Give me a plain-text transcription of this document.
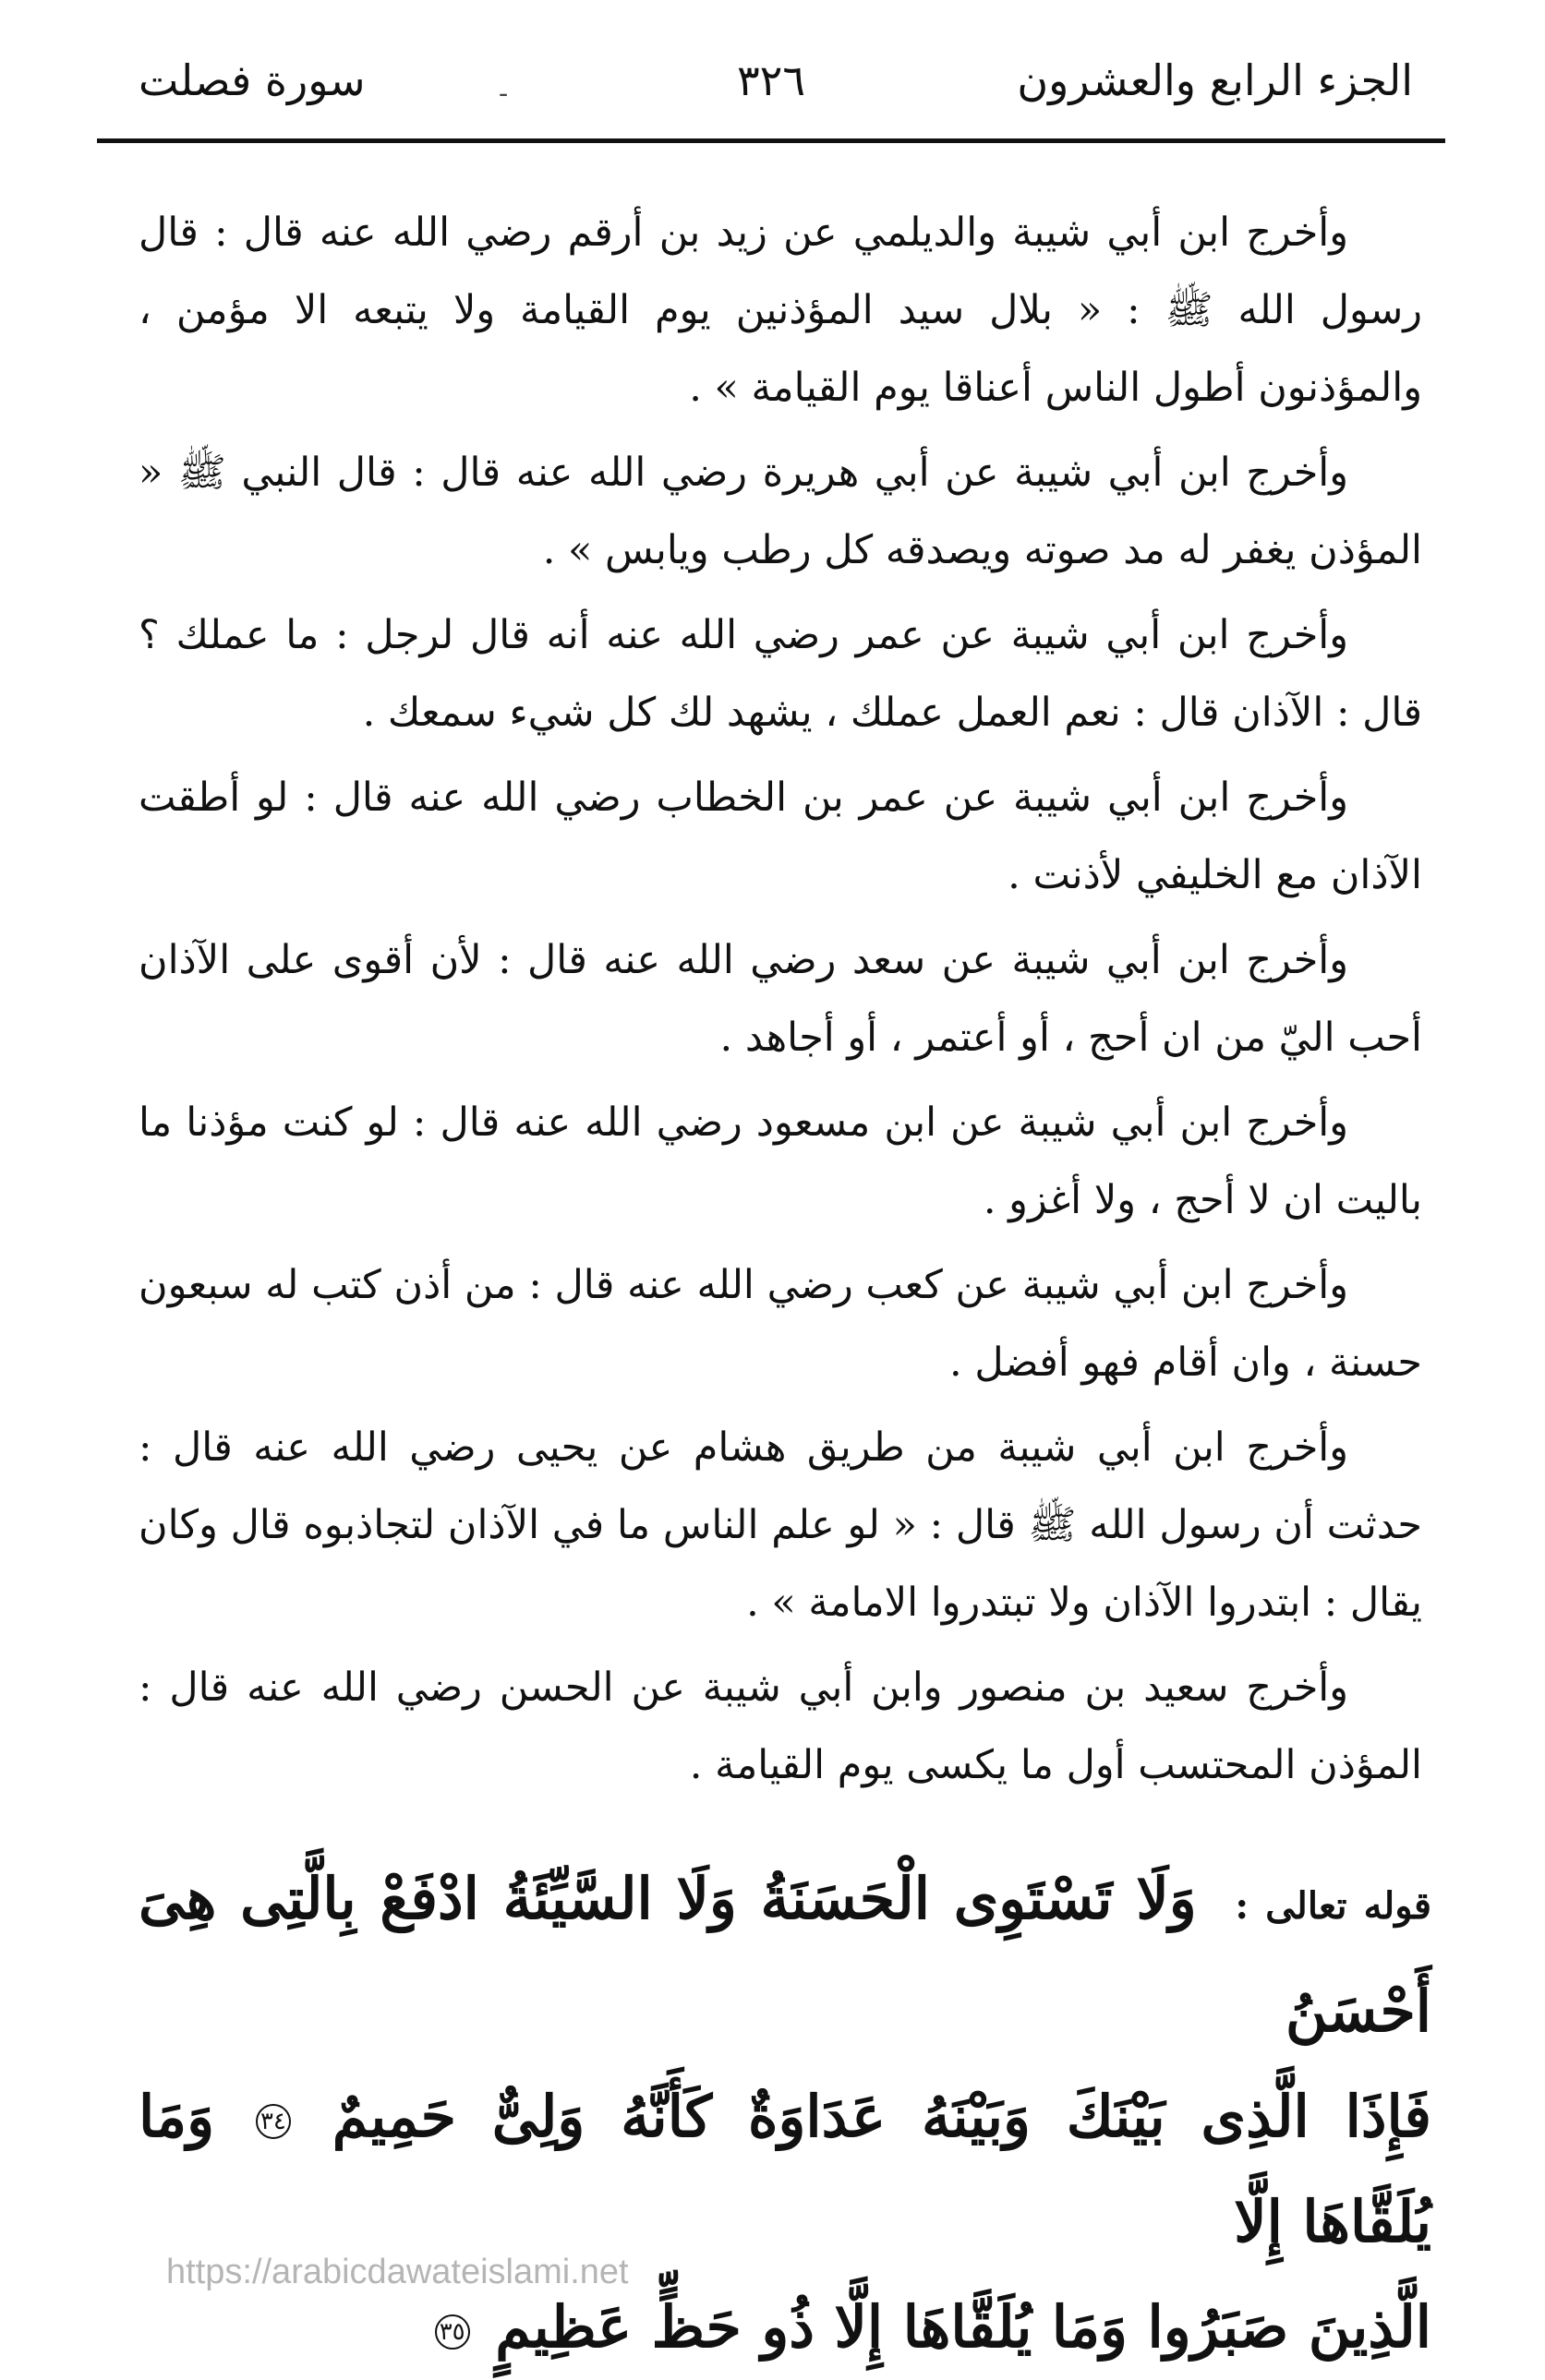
الجزء الرابع والعشرون
٣٢٦
-
سورة فصلت

وأخرج ابن أبي شيبة والديلمي عن زيد بن أرقم رضي الله عنه قال : قال رسول الله ﷺ : « بلال سيد المؤذنين يوم القيامة ولا يتبعه الا مؤمن ، والمؤذنون أطول الناس أعناقا يوم القيامة » .

وأخرج ابن أبي شيبة عن أبي هريرة رضي الله عنه قال : قال النبي ﷺ « المؤذن يغفر له مد صوته ويصدقه كل رطب ويابس » .

وأخرج ابن أبي شيبة عن عمر رضي الله عنه أنه قال لرجل : ما عملك ؟ قال : الآذان قال : نعم العمل عملك ، يشهد لك كل شيء سمعك .

وأخرج ابن أبي شيبة عن عمر بن الخطاب رضي الله عنه قال : لو أطقت الآذان مع الخليفي لأذنت .

وأخرج ابن أبي شيبة عن سعد رضي الله عنه قال : لأن أقوى على الآذان أحب اليّ من ان أحج ، أو أعتمر ، أو أجاهد .

وأخرج ابن أبي شيبة عن ابن مسعود رضي الله عنه قال : لو كنت مؤذنا ما باليت ان لا أحج ، ولا أغزو .

وأخرج ابن أبي شيبة عن كعب رضي الله عنه قال : من أذن كتب له سبعون حسنة ، وان أقام فهو أفضل .

وأخرج ابن أبي شيبة من طريق هشام عن يحيى رضي الله عنه قال : حدثت أن رسول الله ﷺ قال : « لو علم الناس ما في الآذان لتجاذبوه قال وكان يقال : ابتدروا الآذان ولا تبتدروا الامامة » .

وأخرج سعيد بن منصور وابن أبي شيبة عن الحسن رضي الله عنه قال : المؤذن المحتسب أول ما يكسى يوم القيامة .

قوله تعالى : وَلَا تَسْتَوِى الْحَسَنَةُ وَلَا السَّيِّئَةُ ادْفَعْ بِالَّتِى هِىَ أَحْسَنُ
فَإِذَا الَّذِى بَيْنَكَ وَبَيْنَهُ عَدَاوَةٌ كَأَنَّهُ وَلِىٌّ حَمِيمٌ ٣٤ وَمَا يُلَقَّاهَا إِلَّا
الَّذِينَ صَبَرُوا وَمَا يُلَقَّاهَا إِلَّا ذُو حَظٍّ عَظِيمٍ ٣٥
https://arabicdawateislami.net
